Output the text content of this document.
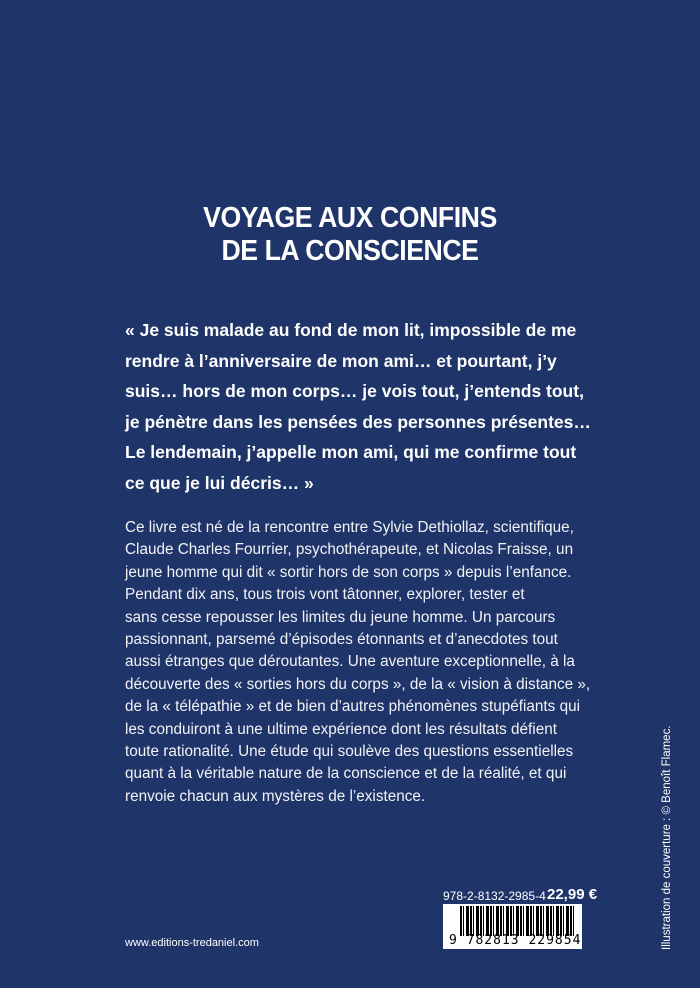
VOYAGE AUX CONFINS
DE LA CONSCIENCE
« Je suis malade au fond de mon lit, impossible de me
rendre à l’anniversaire de mon ami… et pourtant, j’y
suis… hors de mon corps… je vois tout, j’entends tout,
je pénètre dans les pensées des personnes présentes…
Le lendemain, j’appelle mon ami, qui me confirme tout
ce que je lui décris… »
Ce livre est né de la rencontre entre Sylvie Dethiollaz, scientifique,
Claude Charles Fourrier, psychothérapeute, et Nicolas Fraisse, un
jeune homme qui dit « sortir hors de son corps » depuis l’enfance.
Pendant dix ans, tous trois vont tâtonner, explorer, tester et
sans cesse repousser les limites du jeune homme. Un parcours
passionnant, parsemé d’épisodes étonnants et d’anecdotes tout
aussi étranges que déroutantes. Une aventure exceptionnelle, à la
découverte des « sorties hors du corps », de la « vision à distance »,
de la « télépathie » et de bien d’autres phénomènes stupéfiants qui
les conduiront à une ultime expérience dont les résultats défient
toute rationalité. Une étude qui soulève des questions essentielles
quant à la véritable nature de la conscience et de la réalité, et qui
renvoie chacun aux mystères de l’existence.
978-2-8132-2985-4 22,99 €
9 782813 229854
www.editions-tredaniel.com	Illustration de couverture : © Benoît Flamec.
